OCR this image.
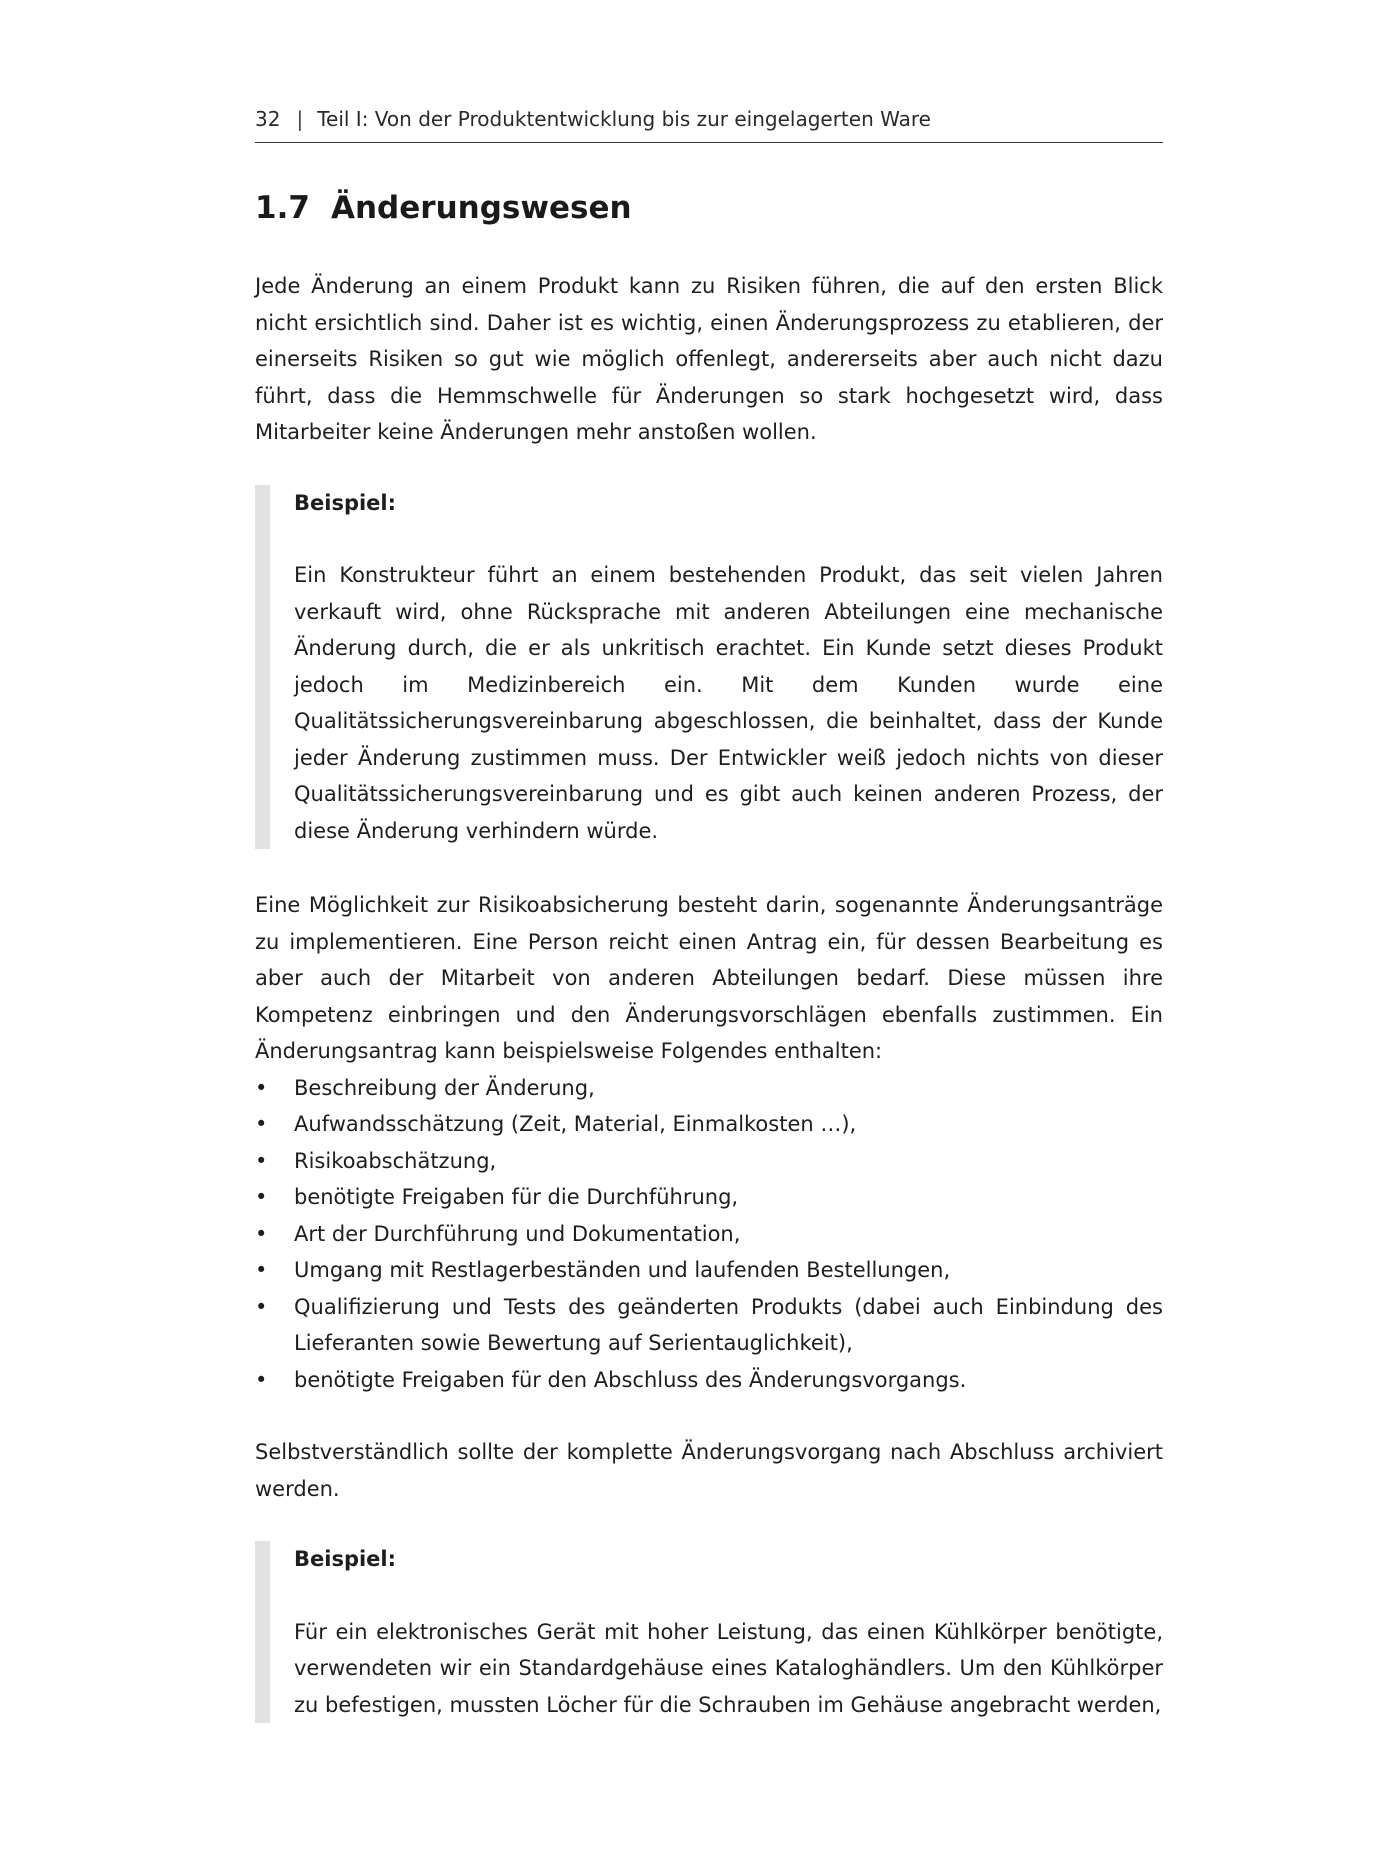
32 | Teil I: Von der Produktentwicklung bis zur eingelagerten Ware
1.7 Änderungswesen

Jede Änderung an einem Produkt kann zu Risiken führen, die auf den ersten Blick nicht ersichtlich sind. Daher ist es wichtig, einen Änderungsprozess zu etablieren, der einerseits Risiken so gut wie möglich offenlegt, andererseits aber auch nicht dazu führt, dass die Hemmschwelle für Änderungen so stark hochgesetzt wird, dass Mitarbeiter keine Änderungen mehr anstoßen wollen.

Beispiel:

Ein Konstrukteur führt an einem bestehenden Produkt, das seit vielen Jahren verkauft wird, ohne Rücksprache mit anderen Abteilungen eine mechanische Änderung durch, die er als unkritisch erachtet. Ein Kunde setzt dieses Produkt jedoch im Medizinbereich ein. Mit dem Kunden wurde eine Qualitätssicherungsvereinbarung abgeschlossen, die beinhaltet, dass der Kunde jeder Änderung zustimmen muss. Der Entwickler weiß jedoch nichts von dieser Qualitätssicherungsvereinbarung und es gibt auch keinen anderen Prozess, der diese Änderung verhindern würde.

Eine Möglichkeit zur Risikoabsicherung besteht darin, sogenannte Änderungsanträge zu implementieren. Eine Person reicht einen Antrag ein, für dessen Bearbeitung es aber auch der Mitarbeit von anderen Abteilungen bedarf. Diese müssen ihre Kompetenz einbringen und den Änderungsvorschlägen ebenfalls zustimmen. Ein Änderungsantrag kann beispielsweise Folgendes enthalten:

• Beschreibung der Änderung,
• Aufwandsschätzung (Zeit, Material, Einmalkosten …),
• Risikoabschätzung,
• benötigte Freigaben für die Durchführung,
• Art der Durchführung und Dokumentation,
• Umgang mit Restlagerbeständen und laufenden Bestellungen,
• Qualifizierung und Tests des geänderten Produkts (dabei auch Einbindung des Lieferanten sowie Bewertung auf Serientauglichkeit),
• benötigte Freigaben für den Abschluss des Änderungsvorgangs.

Selbstverständlich sollte der komplette Änderungsvorgang nach Abschluss archiviert werden.

Beispiel:

Für ein elektronisches Gerät mit hoher Leistung, das einen Kühlkörper benötigte, verwendeten wir ein Standardgehäuse eines Kataloghändlers. Um den Kühlkörper zu befestigen, mussten Löcher für die Schrauben im Gehäuse angebracht werden,
